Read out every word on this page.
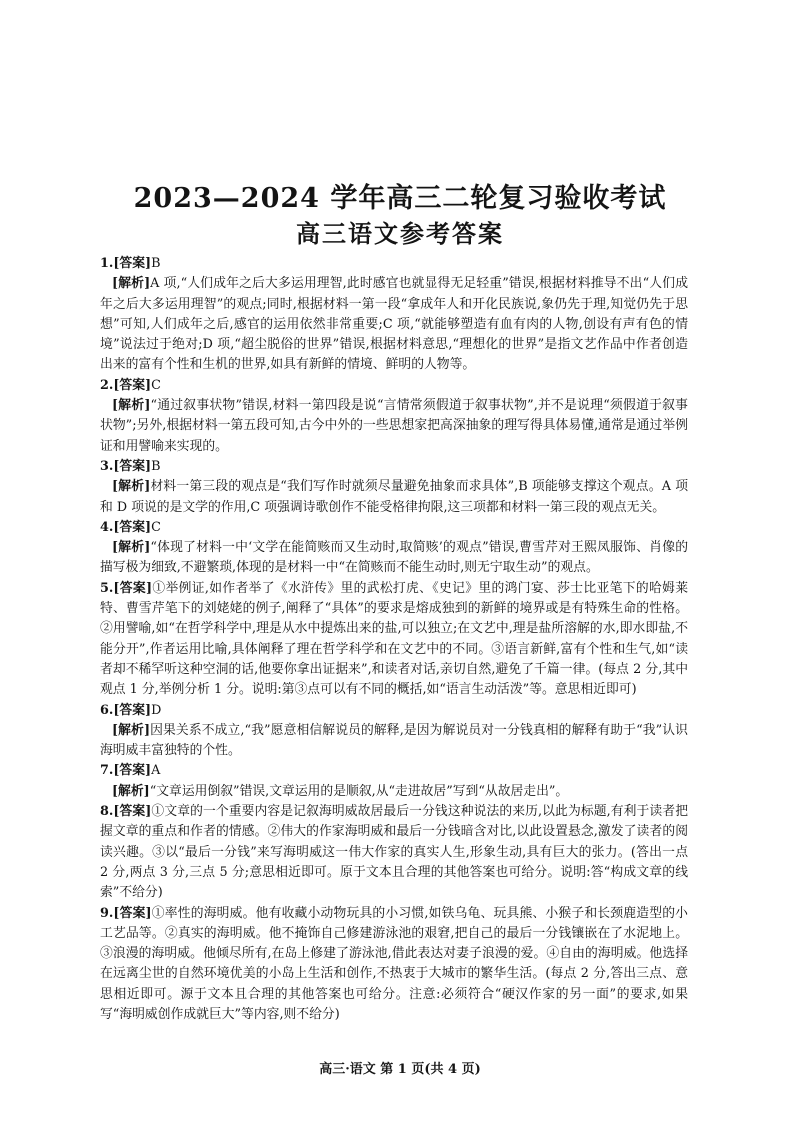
2023—2024 学年高三二轮复习验收考试
高三语文参考答案

1.[答案]B

[解析]A 项,“人们成年之后大多运用理智,此时感官也就显得无足轻重”错误,根据材料推导不出“人们成年之后大多运用理智”的观点;同时,根据材料一第一段“拿成年人和开化民族说,象仍先于理,知觉仍先于思想”可知,人们成年之后,感官的运用依然非常重要;C 项,“就能够塑造有血有肉的人物,创设有声有色的情境”说法过于绝对;D 项,“超尘脱俗的世界”错误,根据材料意思,“理想化的世界”是指文艺作品中作者创造出来的富有个性和生机的世界,如具有新鲜的情境、鲜明的人物等。

2.[答案]C

[解析]“通过叙事状物”错误,材料一第四段是说“言情常须假道于叙事状物”,并不是说理“须假道于叙事状物”;另外,根据材料一第五段可知,古今中外的一些思想家把高深抽象的理写得具体易懂,通常是通过举例证和用譬喻来实现的。

3.[答案]B

[解析]材料一第三段的观点是“我们写作时就须尽量避免抽象而求具体”,B 项能够支撑这个观点。A 项和 D 项说的是文学的作用,C 项强调诗歌创作不能受格律拘限,这三项都和材料一第三段的观点无关。

4.[答案]C

[解析]“体现了材料一中‘文学在能简赅而又生动时,取简赅’的观点”错误,曹雪芹对王熙凤服饰、肖像的描写极为细致,不避繁琐,体现的是材料一中“在简赅而不能生动时,则无宁取生动”的观点。

5.[答案]①举例证,如作者举了《水浒传》里的武松打虎、《史记》里的鸿门宴、莎士比亚笔下的哈姆莱特、曹雪芹笔下的刘姥姥的例子,阐释了“具体”的要求是熔成独到的新鲜的境界或是有特殊生命的性格。②用譬喻,如“在哲学科学中,理是从水中提炼出来的盐,可以独立;在文艺中,理是盐所溶解的水,即水即盐,不能分开”,作者运用比喻,具体阐释了理在哲学科学和在文艺中的不同。③语言新鲜,富有个性和生气,如“读者却不稀罕听这种空洞的话,他要你拿出证据来”,和读者对话,亲切自然,避免了千篇一律。(每点 2 分,其中观点 1 分,举例分析 1 分。说明:第③点可以有不同的概括,如“语言生动活泼”等。意思相近即可)

6.[答案]D

[解析]因果关系不成立,“我”愿意相信解说员的解释,是因为解说员对一分钱真相的解释有助于“我”认识海明威丰富独特的个性。

7.[答案]A

[解析]“文章运用倒叙”错误,文章运用的是顺叙,从“走进故居”写到“从故居走出”。

8.[答案]①文章的一个重要内容是记叙海明威故居最后一分钱这种说法的来历,以此为标题,有利于读者把握文章的重点和作者的情感。②伟大的作家海明威和最后一分钱暗含对比,以此设置悬念,激发了读者的阅读兴趣。③以“最后一分钱”来写海明威这一伟大作家的真实人生,形象生动,具有巨大的张力。(答出一点 2 分,两点 3 分,三点 5 分;意思相近即可。原于文本且合理的其他答案也可给分。说明:答“构成文章的线索”不给分)

9.[答案]①率性的海明威。他有收藏小动物玩具的小习惯,如铁乌龟、玩具熊、小猴子和长颈鹿造型的小工艺品等。②真实的海明威。他不掩饰自己修建游泳池的艰窘,把自己的最后一分钱镶嵌在了水泥地上。③浪漫的海明威。他倾尽所有,在岛上修建了游泳池,借此表达对妻子浪漫的爱。④自由的海明威。他选择在远离尘世的自然环境优美的小岛上生活和创作,不热衷于大城市的繁华生活。(每点 2 分,答出三点、意思相近即可。源于文本且合理的其他答案也可给分。注意:必须符合“硬汉作家的另一面”的要求,如果写“海明威创作成就巨大”等内容,则不给分)

高三·语文 第 1 页(共 4 页)
